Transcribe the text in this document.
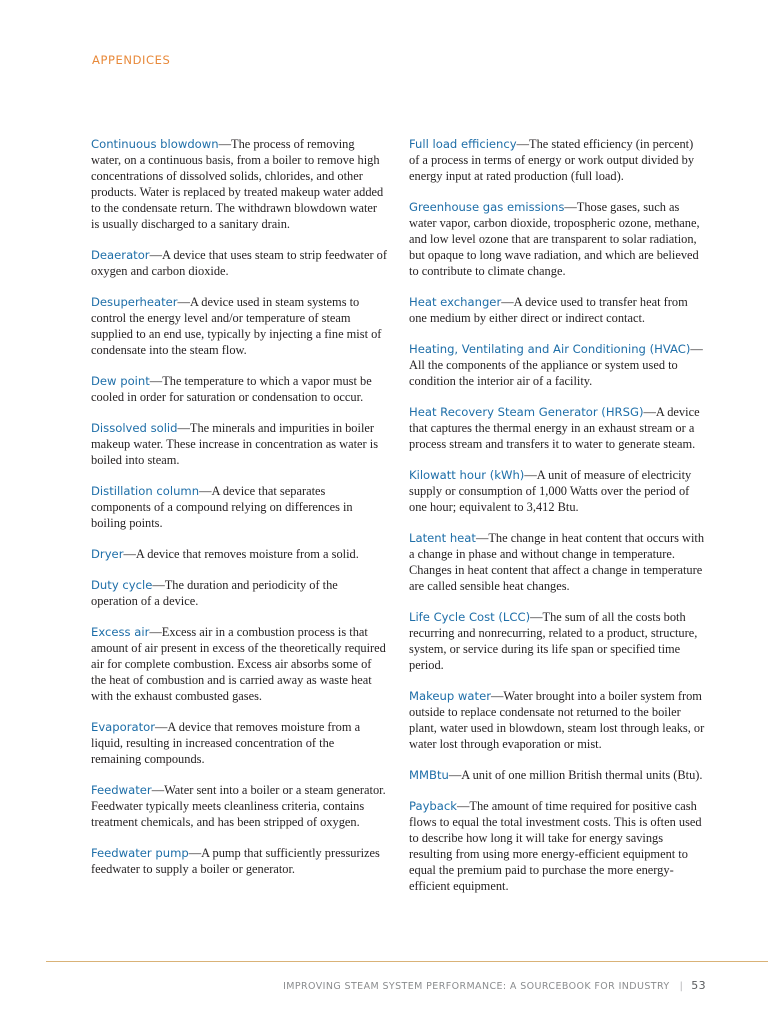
APPENDICES

Continuous blowdown—The process of removing water, on a continuous basis, from a boiler to remove high concentrations of dissolved solids, chlorides, and other products. Water is replaced by treated makeup water added to the condensate return. The withdrawn blowdown water is usually discharged to a sanitary drain.

Deaerator—A device that uses steam to strip feedwater of oxygen and carbon dioxide.

Desuperheater—A device used in steam systems to control the energy level and/or temperature of steam supplied to an end use, typically by injecting a fine mist of condensate into the steam flow.

Dew point—The temperature to which a vapor must be cooled in order for saturation or condensation to occur.

Dissolved solid—The minerals and impurities in boiler makeup water. These increase in concentration as water is boiled into steam.

Distillation column—A device that separates components of a compound relying on differences in boiling points.

Dryer—A device that removes moisture from a solid.

Duty cycle—The duration and periodicity of the operation of a device.

Excess air—Excess air in a combustion process is that amount of air present in excess of the theoretically required air for complete combustion. Excess air absorbs some of the heat of combustion and is carried away as waste heat with the exhaust combusted gases.

Evaporator—A device that removes moisture from a liquid, resulting in increased concentration of the remaining compounds.

Feedwater—Water sent into a boiler or a steam generator. Feedwater typically meets cleanliness criteria, contains treatment chemicals, and has been stripped of oxygen.

Feedwater pump—A pump that sufficiently pressurizes feedwater to supply a boiler or generator.

Full load efficiency—The stated efficiency (in percent) of a process in terms of energy or work output divided by energy input at rated production (full load).

Greenhouse gas emissions—Those gases, such as water vapor, carbon dioxide, tropospheric ozone, methane, and low level ozone that are transparent to solar radiation, but opaque to long wave radiation, and which are believed to contribute to climate change.

Heat exchanger—A device used to transfer heat from one medium by either direct or indirect contact.

Heating, Ventilating and Air Conditioning (HVAC)—All the components of the appliance or system used to condition the interior air of a facility.

Heat Recovery Steam Generator (HRSG)—A device that captures the thermal energy in an exhaust stream or a process stream and transfers it to water to generate steam.

Kilowatt hour (kWh)—A unit of measure of electricity supply or consumption of 1,000 Watts over the period of one hour; equivalent to 3,412 Btu.

Latent heat—The change in heat content that occurs with a change in phase and without change in temperature. Changes in heat content that affect a change in temperature are called sensible heat changes.

Life Cycle Cost (LCC)—The sum of all the costs both recurring and nonrecurring, related to a product, structure, system, or service during its life span or specified time period.

Makeup water—Water brought into a boiler system from outside to replace condensate not returned to the boiler plant, water used in blowdown, steam lost through leaks, or water lost through evaporation or mist.

MMBtu—A unit of one million British thermal units (Btu).

Payback—The amount of time required for positive cash flows to equal the total investment costs. This is often used to describe how long it will take for energy savings resulting from using more energy-efficient equipment to equal the premium paid to purchase the more energy-efficient equipment.

IMPROVING STEAM SYSTEM PERFORMANCE: A SOURCEBOOK FOR INDUSTRY | 53
